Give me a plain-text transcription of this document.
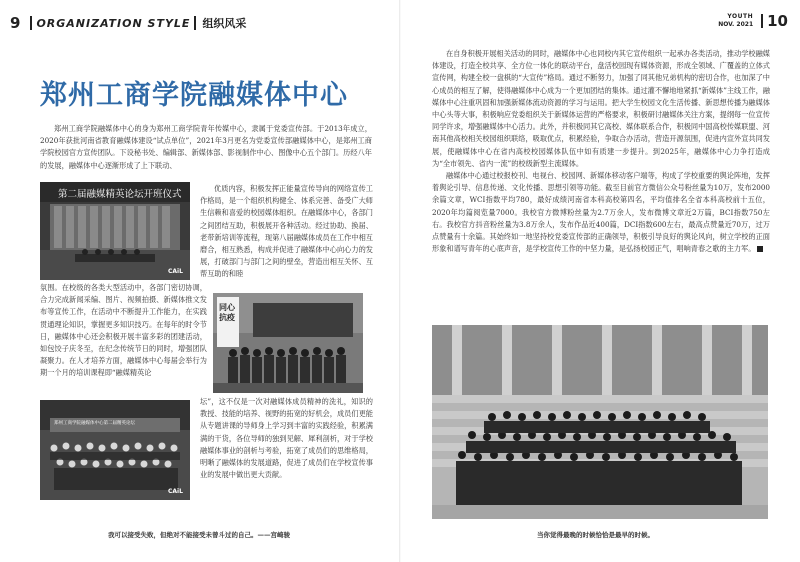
9 ORGANIZATION STYLE 组织风采
YOUTH
NOV. 2021 10
郑州工商学院融媒体中心

郑州工商学院融媒体中心的身为郑州工商学院青年传媒中心，隶属于党委宣传部。于2013年成立，2020年获批河南省教育融媒体建设“试点单位”，2021年3月更名为党委宣传部融媒体中心，是郑州工商学院校园官方宣传团队。下设秘书处、编辑部、新媒体部、影视制作中心、图像中心五个部门。历经八年的发展，融媒体中心逐渐形成了上下联动、

第二届融媒精英论坛开班仪式
CAiL

优质内容，积极发挥正能量宣传导向的网络宣传工作格局，是一个组织机构健全、体系完善、备受广大师生信赖和喜爱的校园媒体组织。在融媒体中心，各部门之间团结互助，积极展开各种活动。经过协助、换届、老带新培训等流程，现第八届融媒体成员在工作中相互磨合，相互熟悉，构成并促进了融媒体中心向心力的发展，打破部门与部门之间的壁垒，营造出相互关怀、互帮互助的和睦

氛围。在校级的各类大型活动中，各部门密切协调，合力完成新闻采编、图片、视频拍摄、新媒体推文发布等宣传工作，在活动中不断提升工作能力，在实践贯通理论知识，掌握更多知识技巧。在每年的时令节日，融媒体中心还会积极开展丰富多彩的团建活动，如包饺子庆冬至，在纪念传统节日的同时，增强团队凝聚力。在人才培养方面，融媒体中心每届会举行为期一个月的培训课程即“融媒精英论

同心 抗疫
郑州工商学院融媒体中心第二届精英论坛
CAiL

坛”，这不仅是一次对融媒体成员精神的洗礼，知识的教授、技能的培养、视野的拓宽的好机会，成员们更能从专题讲课的导师身上学习到丰富的实践经验，积累满满的干货，各位导师的独到见解、犀利剖析，对于学校融媒体事业的剖析与考验，拓宽了成员们的思维格局，明晰了融媒体的发展道路，促进了成员们在学校宣传事业的发展中做出更大贡献。

在自身积极开展相关活动的同时，融媒体中心也同校内其它宣传组织一起承办各类活动，推动学校融媒体建设，打造全校共享、全方位一体化的联动平台，盘活校园现有媒体资源，形成全领域、广覆盖的立体式宣传网，构建全校一盘棋的“大宣传”格局。通过不断努力，加强了同其他兄弟机构的密切合作，也加深了中心成员的相互了解，使得融媒体中心成为一个更加团结的集体。通过灌不懈地地紧抓“新媒体”主线工作，融媒体中心注重巩固和加强新媒体流动资源的学习与运用。把大学生校园文化生活传播、新思想传播为融媒体中心头等大事，积极响应党委组织关于新媒体运营的严格要求，积极研讨融媒体关注方案，提纲每一位宣传同学许求，增强融媒体中心活力。此外，并积极同其它高校、媒体联系合作，积极同中国高校传媒联盟、河南其他高校相关校园组织联络，吸取优点，积累经验，争取合办活动，营造开源氛围，促进内宣外宣共同发展，使融媒体中心在省内高校校园媒体队伍中如有质建一步提升。到2025年，融媒体中心力争打造成为“全市领先、省内一流”的校级新型主流媒体。

融媒体中心通过校报校刊、电视台、校园网、新媒体移动客户端等，构成了学校重要的舆论阵地，发挥着舆论引导、信息传递、文化传播、思想引领等功能。截至目前官方微信公众号粉丝量为10万，发布2000余篇文章，WCI指数平均780，最好成绩河南省本科高校第四名，平均值排名全省本科高校前十五位，2020年均篇阅览量7000。我校官方微博粉丝量为2.7万余人，发布微博文章近2万篇，BCI指数750左右。我校官方抖音粉丝量为3.8万余人，发布作品近400篇，DCI指数600左右，最高点赞量近70万，过万点赞量有十余篇。其始终如一地坚持校党委宣传部的正确领导，积极引导良好的舆论风向，树立学校的正面形象和谱写青年的心底声音，是学校宣传工作的中坚力量，是弘扬校园正气，唱响青春之歌的主力军。

我可以接受失败，但绝对不能接受未曾斗过的自己。——宫崎骏	当你觉得最晚的时候恰恰是最早的时候。
